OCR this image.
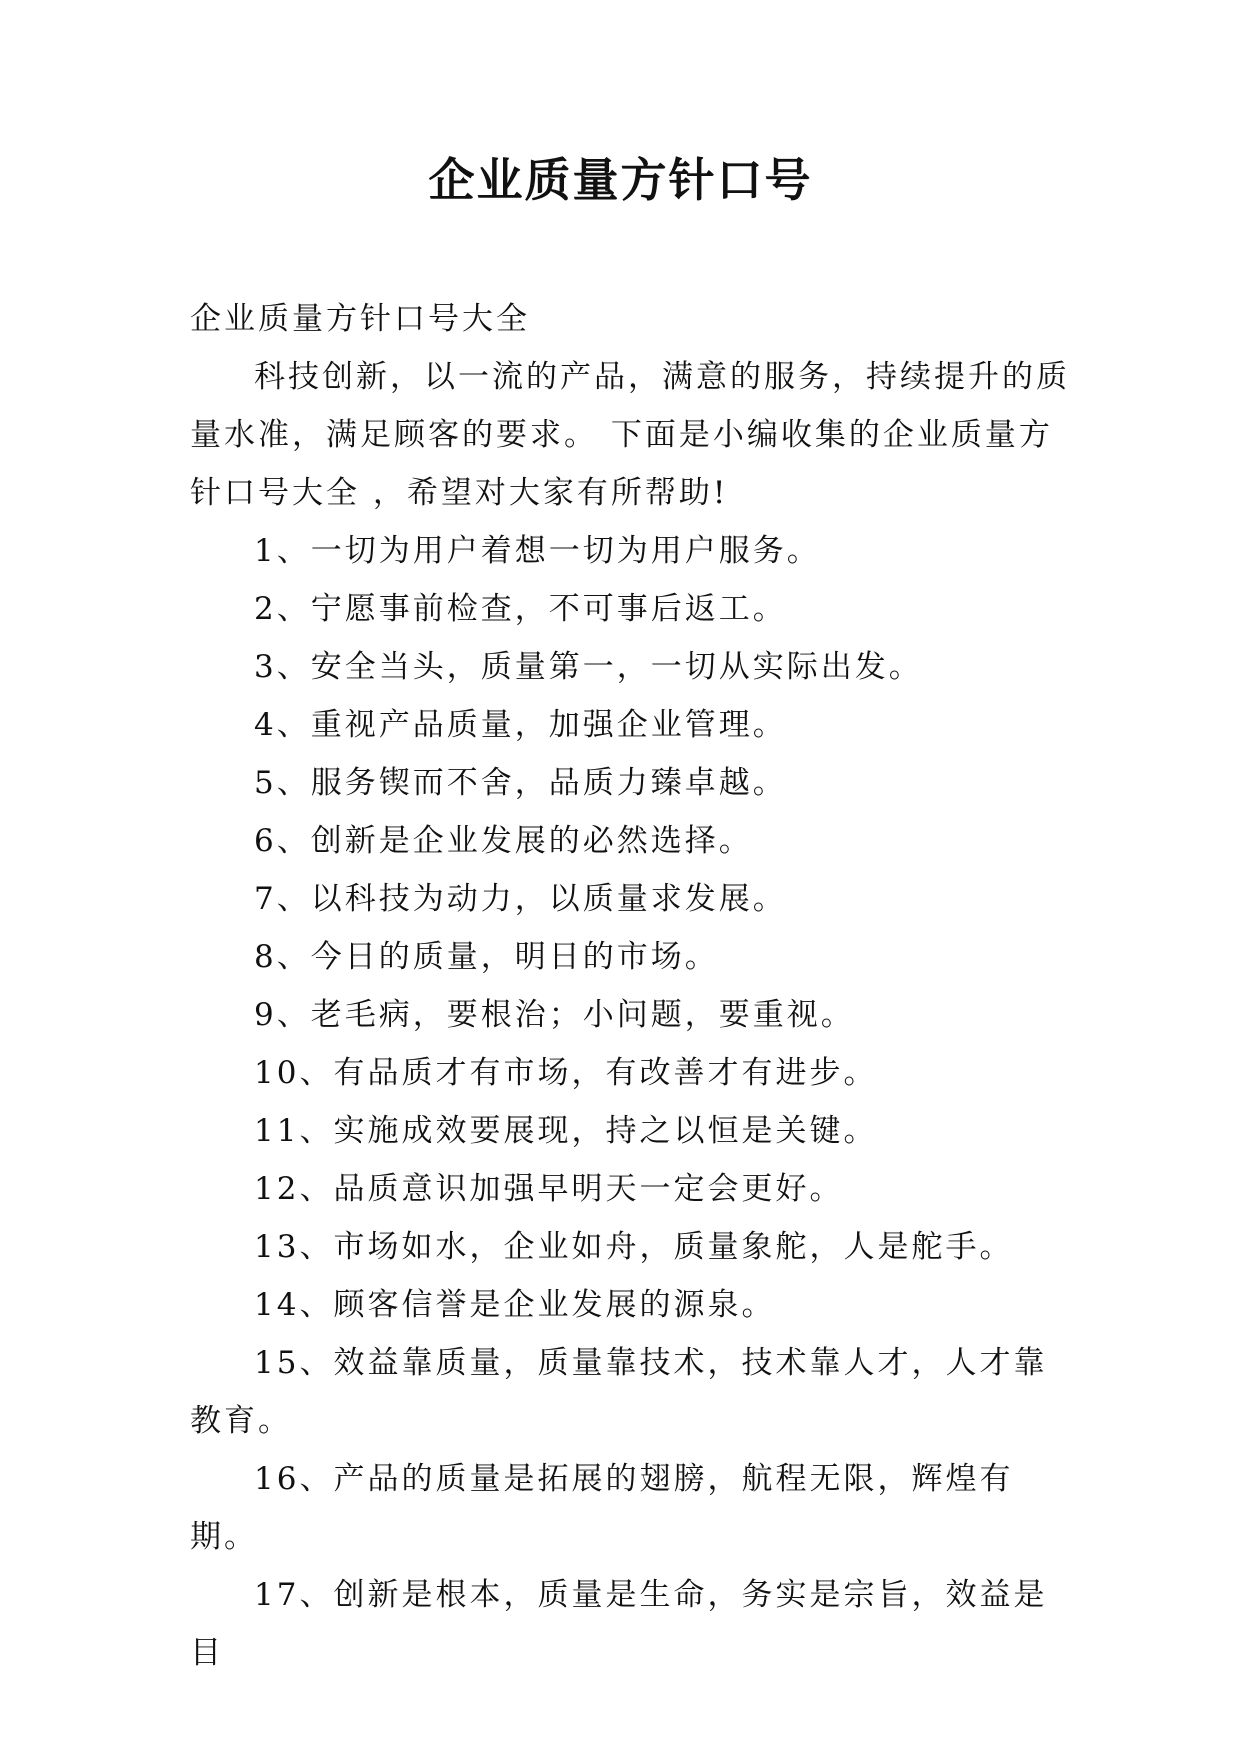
企业质量方针口号

企业质量方针口号大全

科技创新，以一流的产品，满意的服务，持续提升的质量水准，满足顾客的要求。 下面是小编收集的企业质量方针口号大全 ，希望对大家有所帮助!

1、一切为用户着想一切为用户服务。

2、宁愿事前检查，不可事后返工。

3、安全当头，质量第一，一切从实际出发。

4、重视产品质量，加强企业管理。

5、服务锲而不舍，品质力臻卓越。

6、创新是企业发展的必然选择。

7、以科技为动力，以质量求发展。

8、今日的质量，明日的市场。

9、老毛病，要根治；小问题，要重视。

10、有品质才有市场，有改善才有进步。

11、实施成效要展现，持之以恒是关键。

12、品质意识加强早明天一定会更好。

13、市场如水，企业如舟，质量象舵，人是舵手。

14、顾客信誉是企业发展的源泉。

15、效益靠质量，质量靠技术，技术靠人才，人才靠教育。

16、产品的质量是拓展的翅膀，航程无限，辉煌有期。

17、创新是根本，质量是生命，务实是宗旨，效益是目
